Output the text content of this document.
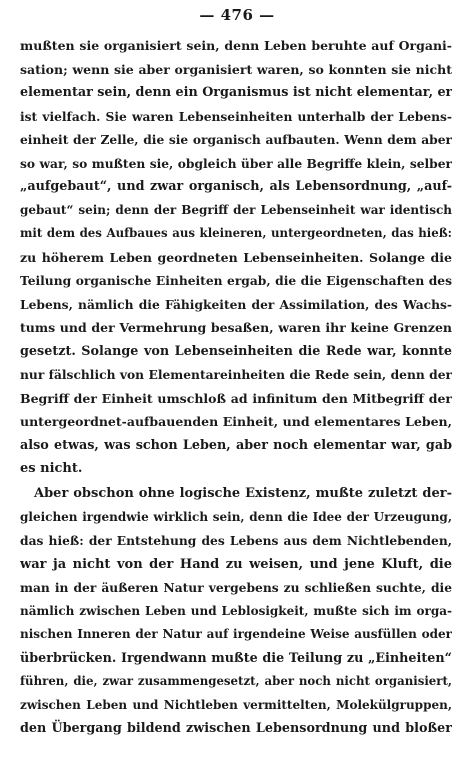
— 476 —
mußten sie organisiert sein, denn Leben beruhte auf Organi-
sation; wenn sie aber organisiert waren, so konnten sie nicht
elementar sein, denn ein Organismus ist nicht elementar, er
ist vielfach. Sie waren Lebenseinheiten unterhalb der Lebens-
einheit der Zelle, die sie organisch aufbauten. Wenn dem aber
so war, so mußten sie, obgleich über alle Begriffe klein, selber
„aufgebaut“, und zwar organisch, als Lebensordnung, „auf-
gebaut“ sein; denn der Begriff der Lebenseinheit war identisch
mit dem des Aufbaues aus kleineren, untergeordneten, das hieß:
zu höherem Leben geordneten Lebenseinheiten. Solange die
Teilung organische Einheiten ergab, die die Eigenschaften des
Lebens, nämlich die Fähigkeiten der Assimilation, des Wachs-
tums und der Vermehrung besaßen, waren ihr keine Grenzen
gesetzt. Solange von Lebenseinheiten die Rede war, konnte
nur fälschlich von Elementareinheiten die Rede sein, denn der
Begriff der Einheit umschloß ad infinitum den Mitbegriff der
untergeordnet-aufbauenden Einheit, und elementares Leben,
also etwas, was schon Leben, aber noch elementar war, gab
es nicht.
Aber obschon ohne logische Existenz, mußte zuletzt der-
gleichen irgendwie wirklich sein, denn die Idee der Urzeugung,
das hieß: der Entstehung des Lebens aus dem Nichtlebenden,
war ja nicht von der Hand zu weisen, und jene Kluft, die
man in der äußeren Natur vergebens zu schließen suchte, die
nämlich zwischen Leben und Leblosigkeit, mußte sich im orga-
nischen Inneren der Natur auf irgendeine Weise ausfüllen oder
überbrücken. Irgendwann mußte die Teilung zu „Einheiten“
führen, die, zwar zusammengesetzt, aber noch nicht organisiert,
zwischen Leben und Nichtleben vermittelten, Molekülgruppen,
den Übergang bildend zwischen Lebensordnung und bloßer
